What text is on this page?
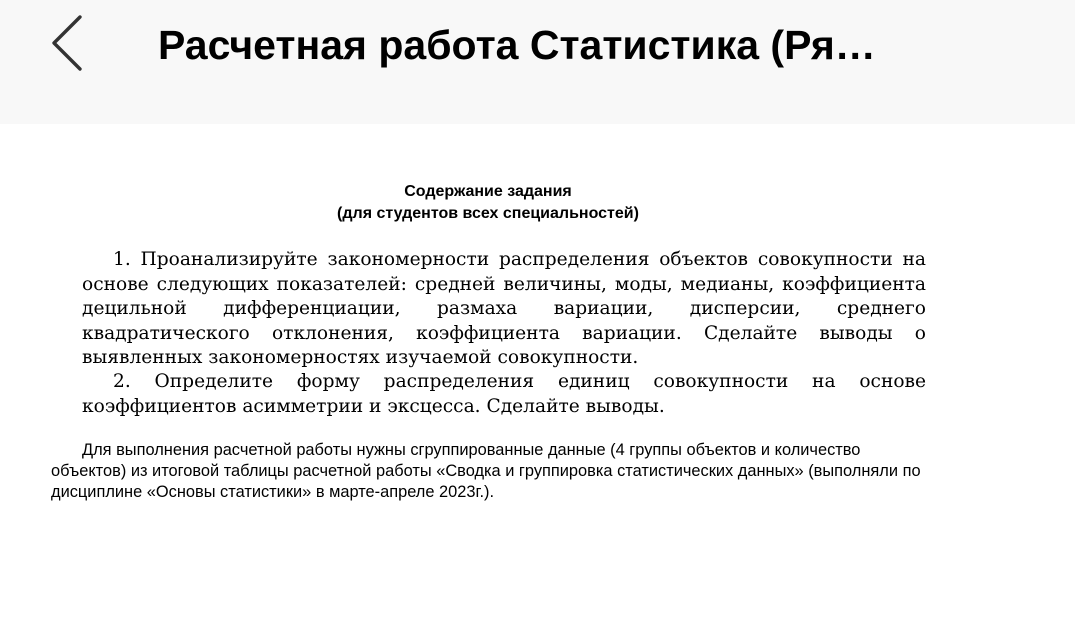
Расчетная работа Статистика (Ря…
Содержание задания
(для студентов всех специальностей)

1. Проанализируйте закономерности распределения объектов совокупности на основе следующих показателей: средней величины, моды, медианы, коэффициента децильной дифференциации, размаха вариации, дисперсии, среднего квадратического отклонения, коэффициента вариации. Сделайте выводы о выявленных закономерностях изучаемой совокупности.

2. Определите форму распределения единиц совокупности на основе коэффициентов асимметрии и эксцесса. Сделайте выводы.

Для выполнения расчетной работы нужны сгруппированные данные (4 группы объектов и количество объектов) из итоговой таблицы расчетной работы «Сводка и группировка статистических данных» (выполняли по дисциплине «Основы статистики» в марте-апреле 2023г.).
